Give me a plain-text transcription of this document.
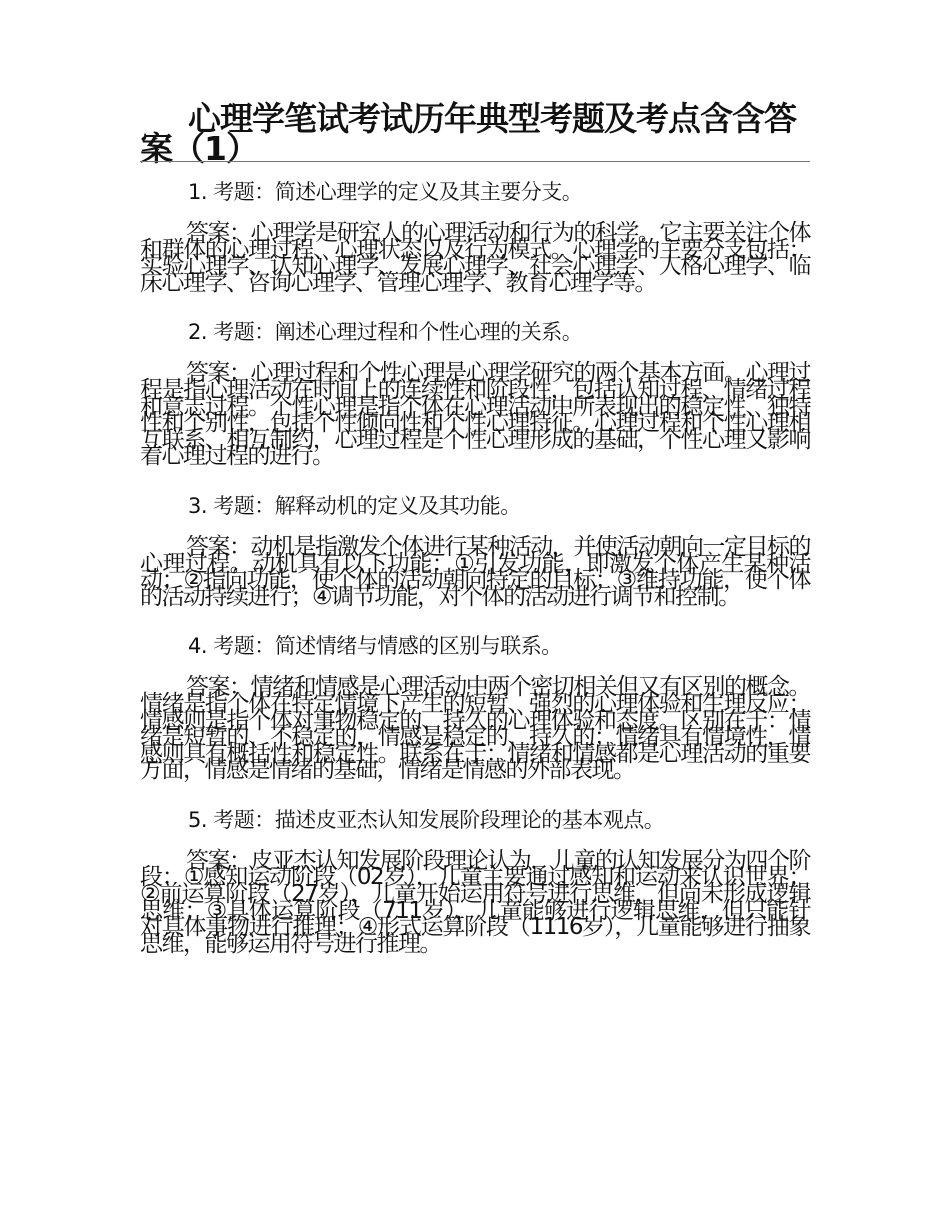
心理学笔试考试历年典型考题及考点含含答案（1）

1. 考题：简述心理学的定义及其主要分支。

答案：心理学是研究人的心理活动和行为的科学。它主要关注个体和群体的心理过程、心理状态以及行为模式。心理学的主要分支包括：实验心理学、认知心理学、发展心理学、社会心理学、人格心理学、临床心理学、咨询心理学、管理心理学、教育心理学等。

2. 考题：阐述心理过程和个性心理的关系。

答案：心理过程和个性心理是心理学研究的两个基本方面。心理过程是指心理活动在时间上的连续性和阶段性，包括认知过程、情绪过程和意志过程。个性心理是指个体在心理活动中所表现出的稳定性、独特性和个别性，包括个性倾向性和个性心理特征。心理过程和个性心理相互联系、相互制约，心理过程是个性心理形成的基础，个性心理又影响着心理过程的进行。

3. 考题：解释动机的定义及其功能。

答案：动机是指激发个体进行某种活动，并使活动朝向一定目标的心理过程。动机具有以下功能：①引发功能，即激发个体产生某种活动；②指向功能，使个体的活动朝向特定的目标；③维持功能，使个体的活动持续进行；④调节功能，对个体的活动进行调节和控制。

4. 考题：简述情绪与情感的区别与联系。

答案：情绪和情感是心理活动中两个密切相关但又有区别的概念。情绪是指个体在特定情境下产生的短暂、强烈的心理体验和生理反应；情感则是指个体对事物稳定的、持久的心理体验和态度。区别在于：情绪是短暂的、不稳定的，情感是稳定的、持久的；情绪具有情境性，情感则具有概括性和稳定性。联系在于：情绪和情感都是心理活动的重要方面，情感是情绪的基础，情绪是情感的外部表现。

5. 考题：描述皮亚杰认知发展阶段理论的基本观点。

答案：皮亚杰认知发展阶段理论认为，儿童的认知发展分为四个阶段：①感知运动阶段（02岁），儿童主要通过感知和运动来认识世界；②前运算阶段（27岁），儿童开始运用符号进行思维，但尚未形成逻辑思维；③具体运算阶段（711岁），儿童能够进行逻辑思维，但只能针对具体事物进行推理；④形式运算阶段（1116岁），儿童能够进行抽象思维，能够运用符号进行推理。
